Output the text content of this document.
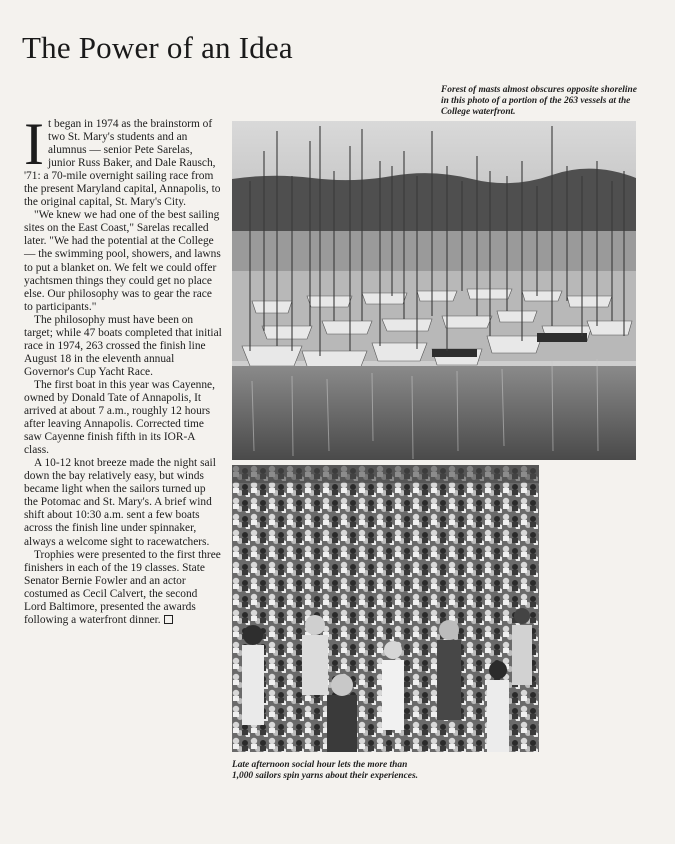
The Power of an Idea
Forest of masts almost obscures opposite shoreline in this photo of a portion of the 263 vessels at the College waterfront.

It began in 1974 as the brainstorm of two St. Mary's students and an alumnus — senior Pete Sarelas, junior Russ Baker, and Dale Rausch, '71: a 70-mile overnight sailing race from the present Maryland capital, Annapolis, to the original capital, St. Mary's City.

"We knew we had one of the best sailing sites on the East Coast," Sarelas recalled later. "We had the potential at the College — the swimming pool, showers, and lawns to put a blanket on. We felt we could offer yachtsmen things they could get no place else. Our philosophy was to gear the race to participants."

The philosophy must have been on target; while 47 boats completed that initial race in 1974, 263 crossed the finish line August 18 in the eleventh annual Governor's Cup Yacht Race.

The first boat in this year was Cayenne, owned by Donald Tate of Annapolis, It arrived at about 7 a.m., roughly 12 hours after leaving Annapolis. Corrected time saw Cayenne finish fifth in its IOR-A class.

A 10-12 knot breeze made the night sail down the bay relatively easy, but winds became light when the sailors turned up the Potomac and St. Mary's. A brief wind shift about 10:30 a.m. sent a few boats across the finish line under spinnaker, always a welcome sight to racewatchers.

Trophies were presented to the first three finishers in each of the 19 classes. State Senator Bernie Fowler and an actor costumed as Cecil Calvert, the second Lord Baltimore, presented the awards following a waterfront dinner.

Late afternoon social hour lets the more than 1,000 sailors spin yarns about their experiences.
